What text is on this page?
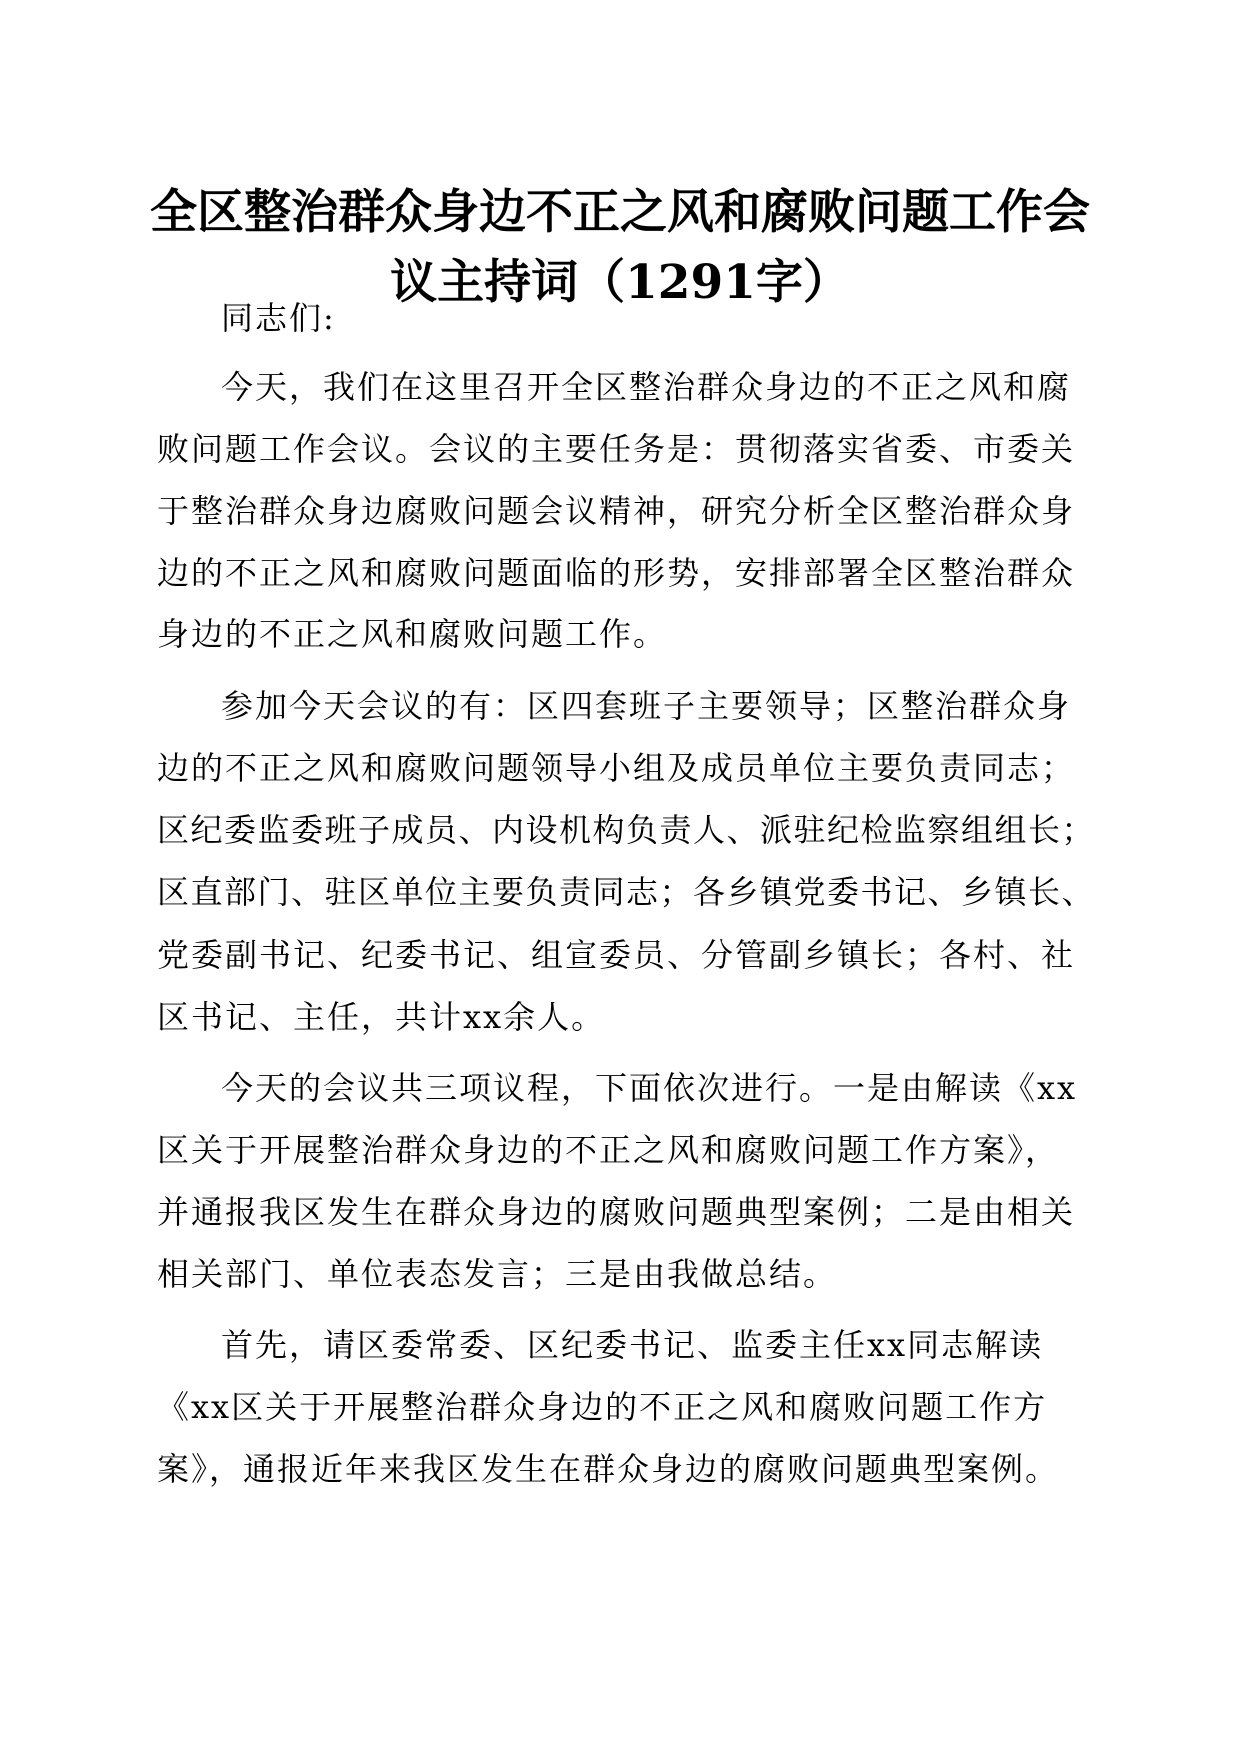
全区整治群众身边不正之风和腐败问题工作会
议主持词（1291字）
同志们:
今天，我们在这里召开全区整治群众身边的不正之风和腐
败问题工作会议。会议的主要任务是：贯彻落实省委、市委关
于整治群众身边腐败问题会议精神，研究分析全区整治群众身
边的不正之风和腐败问题面临的形势，安排部署全区整治群众
身边的不正之风和腐败问题工作。
参加今天会议的有：区四套班子主要领导；区整治群众身
边的不正之风和腐败问题领导小组及成员单位主要负责同志；
区纪委监委班子成员、内设机构负责人、派驻纪检监察组组长；
区直部门、驻区单位主要负责同志；各乡镇党委书记、乡镇长、
党委副书记、纪委书记、组宣委员、分管副乡镇长；各村、社
区书记、主任，共计xx余人。
今天的会议共三项议程，下面依次进行。一是由解读《xx
区关于开展整治群众身边的不正之风和腐败问题工作方案》，
并通报我区发生在群众身边的腐败问题典型案例；二是由相关
相关部门、单位表态发言；三是由我做总结。
首先，请区委常委、区纪委书记、监委主任xx同志解读
《xx区关于开展整治群众身边的不正之风和腐败问题工作方
案》，通报近年来我区发生在群众身边的腐败问题典型案例。
